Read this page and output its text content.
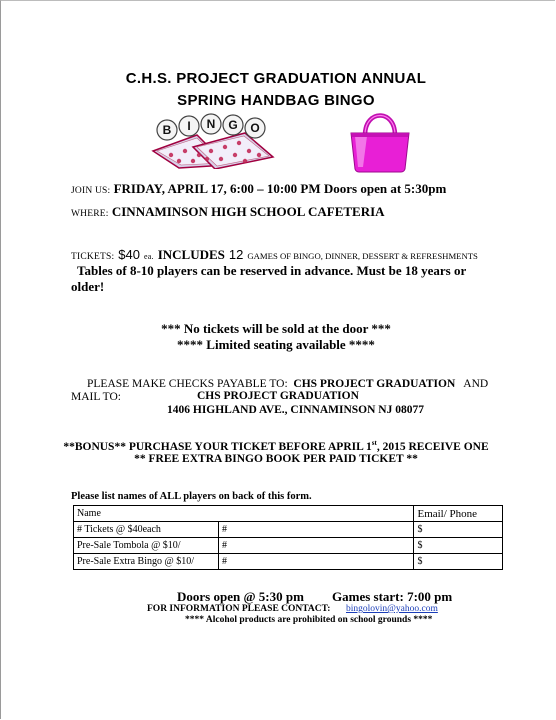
C.H.S. PROJECT GRADUATION ANNUAL
SPRING HANDBAG BINGO
B I N G O
JOIN US: FRIDAY, APRIL 17, 6:00 – 10:00 PM Doors open at 5:30pm
WHERE: CINNAMINSON HIGH SCHOOL CAFETERIA
TICKETS: $40 ea. INCLUDES 12 GAMES OF BINGO, DINNER, DESSERT & REFRESHMENTS
Tables of 8-10 players can be reserved in advance. Must be 18 years or
older!
*** No tickets will be sold at the door ***
**** Limited seating available ****
PLEASE MAKE CHECKS PAYABLE TO: CHS PROJECT GRADUATION AND
MAIL TO:	CHS PROJECT GRADUATION
1406 HIGHLAND AVE., CINNAMINSON NJ 08077
**BONUS** PURCHASE YOUR TICKET BEFORE APRIL 1st, 2015 RECEIVE ONE
** FREE EXTRA BINGO BOOK PER PAID TICKET **
Please list names of ALL players on back of this form.
Name		Email/ Phone
# Tickets @ $40each	#	$
Pre-Sale Tombola @ $10/	#	$
Pre-Sale Extra Bingo @ $10/	#	$
Doors open @ 5:30 pm Games start: 7:00 pm
FOR INFORMATION PLEASE CONTACT: bingolovin@yahoo.com
**** Alcohol products are prohibited on school grounds ****
